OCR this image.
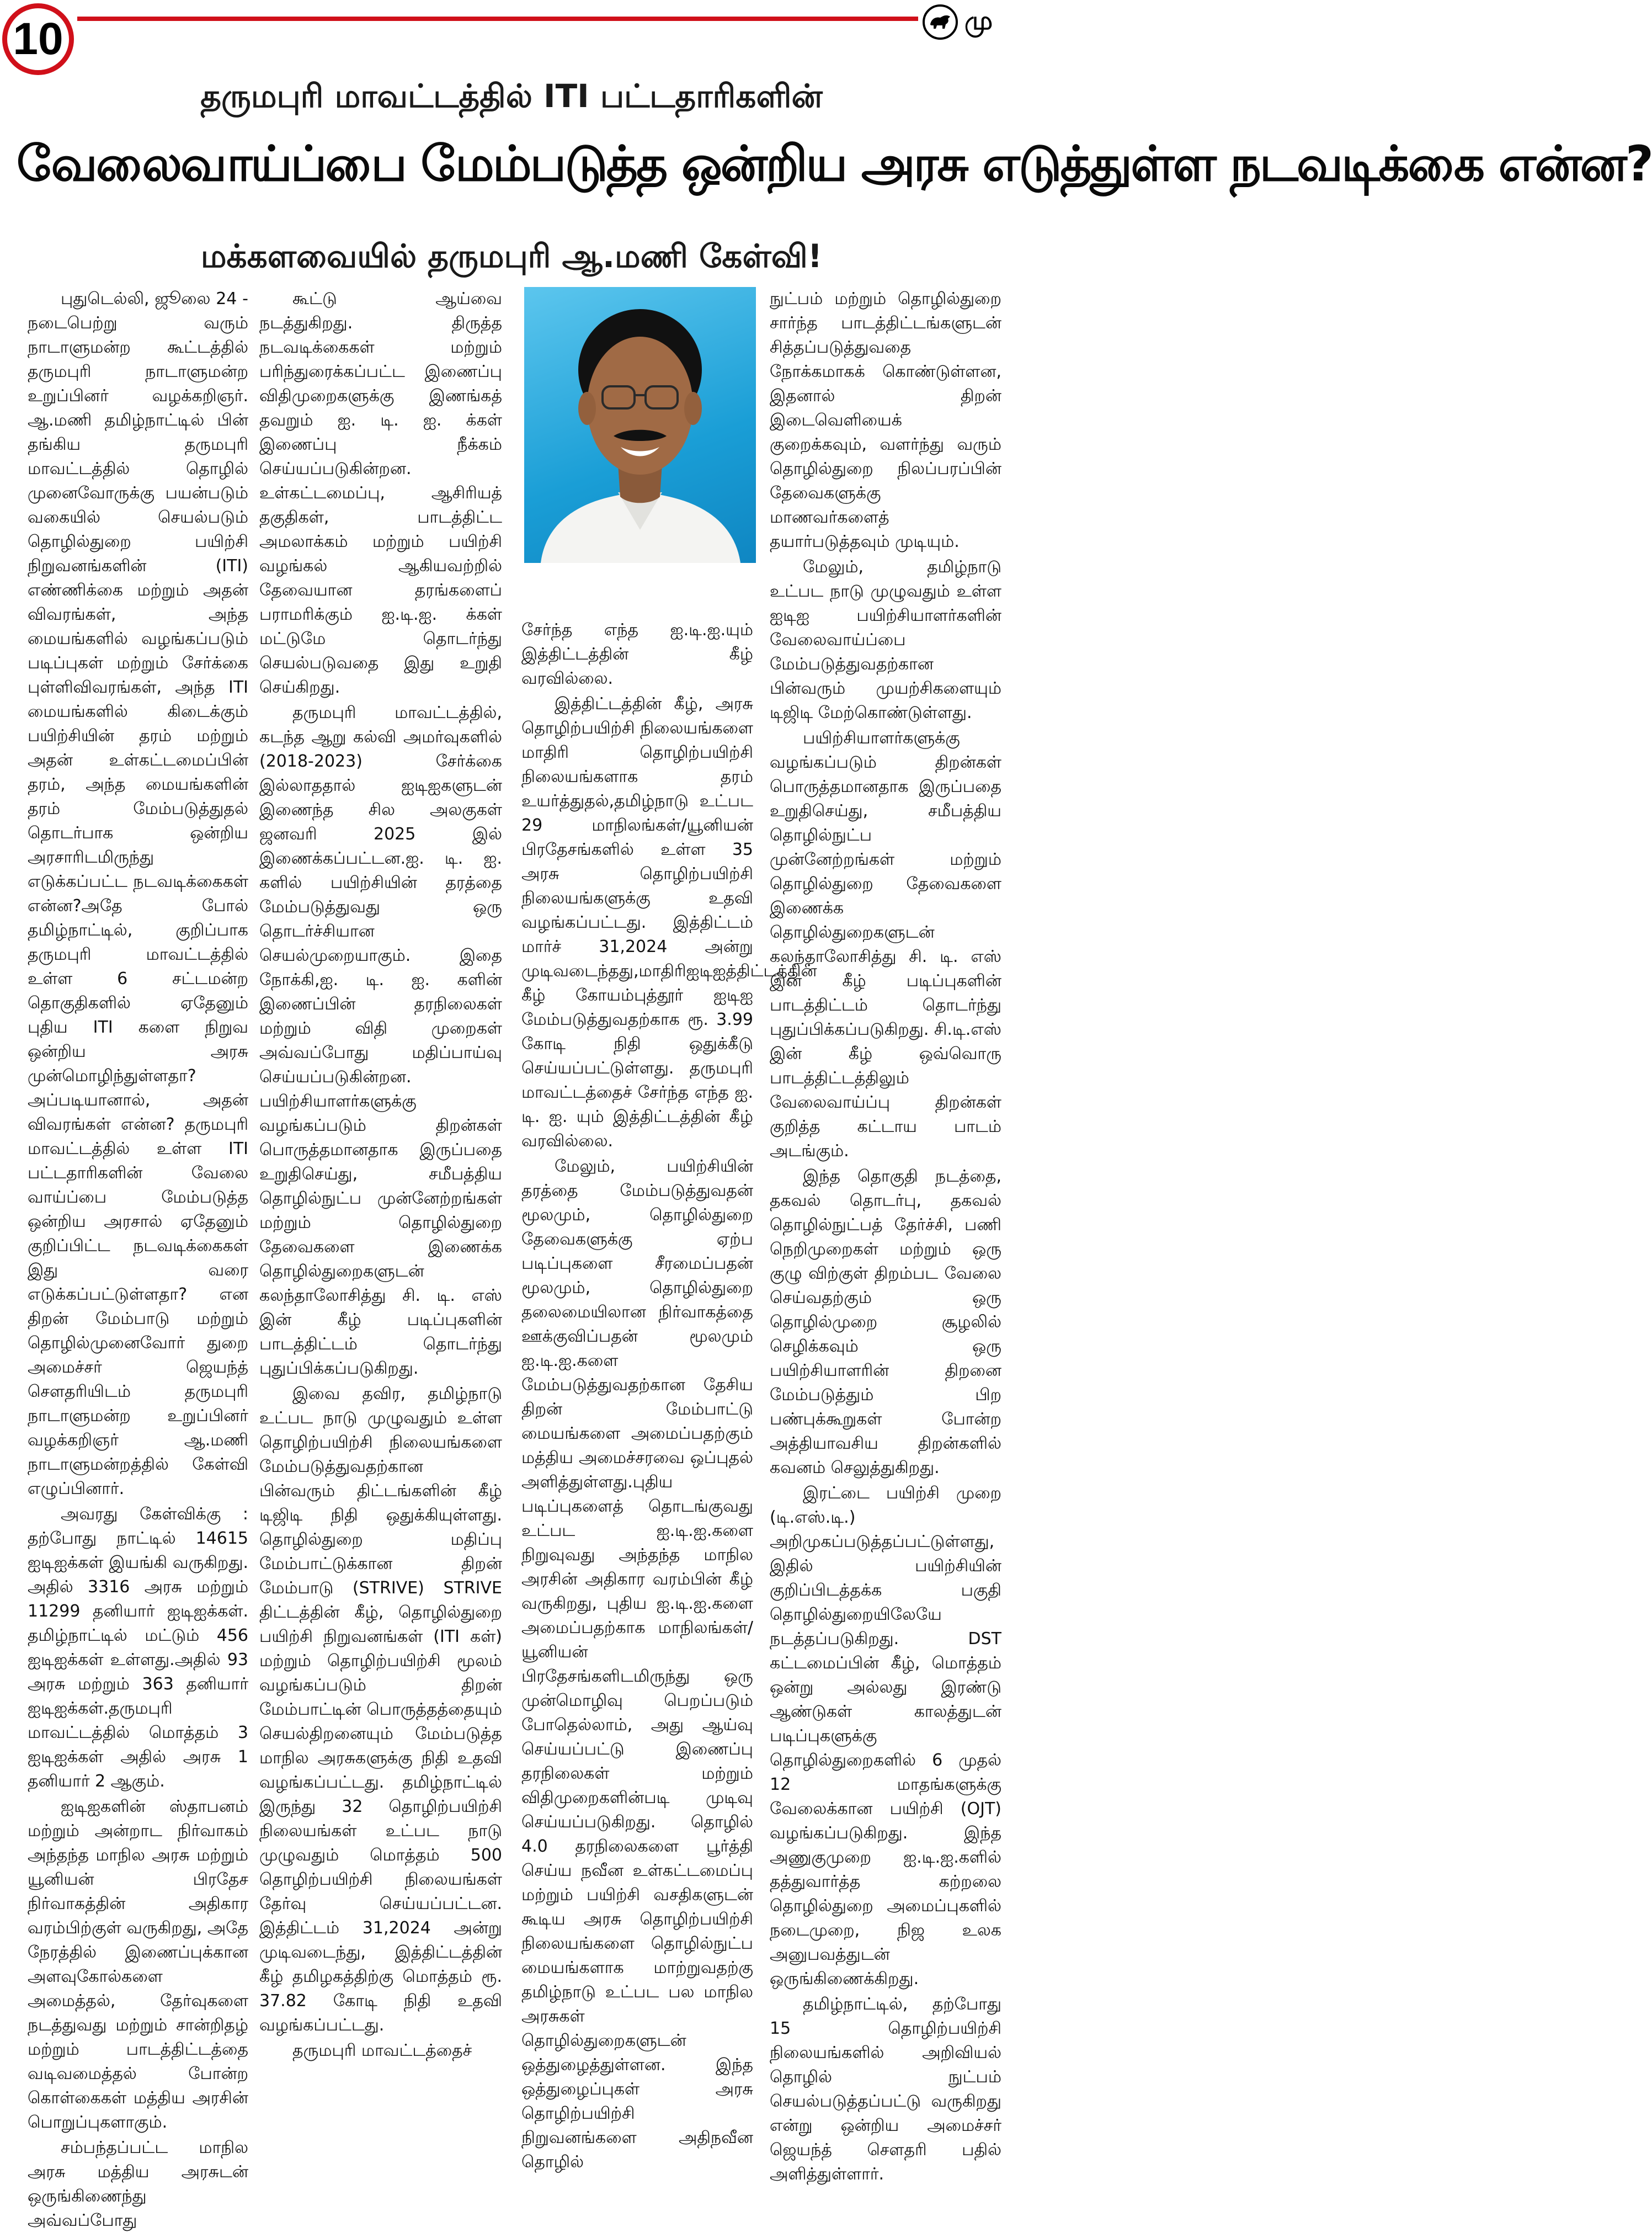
மு
10
தருமபுரி மாவட்டத்தில் ITI பட்டதாரிகளின்
வேலைவாய்ப்பை மேம்படுத்த ஒன்றிய அரசு எடுத்துள்ள நடவடிக்கை என்ன?
மக்களவையில் தருமபுரி ஆ.மணி கேள்வி!

புதுடெல்லி, ஜூலை 24 - நடைபெற்று வரும் நாடாளுமன்ற கூட்டத்தில் தருமபுரி நாடாளுமன்ற உறுப்பினர் வழக்கறிஞர். ஆ.மணி தமிழ்நாட்டில் பின் தங்கிய தருமபுரி மாவட்டத்தில் தொழில் முனைவோருக்கு பயன்படும் வகையில் செயல்படும் தொழில்துறை பயிற்சி நிறுவனங்களின் (ITI) எண்ணிக்கை மற்றும் அதன் விவரங்கள், அந்த மையங்களில் வழங்கப்படும் படிப்புகள் மற்றும் சேர்க்கை புள்ளிவிவரங்கள், அந்த ITI மையங்களில் கிடைக்கும் பயிற்சியின் தரம் மற்றும் அதன் உள்கட்டமைப்பின் தரம், அந்த மையங்களின் தரம் மேம்படுத்துதல் தொடர்பாக ஒன்றிய அரசாரிடமிருந்து எடுக்கப்பட்ட நடவடிக்கைகள் என்ன?அதே போல் தமிழ்நாட்டில், குறிப்பாக தருமபுரி மாவட்டத்தில் உள்ள 6 சட்டமன்ற தொகுதிகளில் ஏதேனும் புதிய ITI களை நிறுவ ஒன்றிய அரசு முன்மொழிந்துள்ளதா? அப்படியானால், அதன் விவரங்கள் என்ன? தருமபுரி மாவட்டத்தில் உள்ள ITI பட்டதாரிகளின் வேலை வாய்ப்பை மேம்படுத்த ஒன்றிய அரசால் ஏதேனும் குறிப்பிட்ட நடவடிக்கைகள் இது வரை எடுக்கப்பட்டுள்ளதா? என திறன் மேம்பாடு மற்றும் தொழில்முனைவோர் துறை அமைச்சர் ஜெயந்த் சௌதரியிடம் தருமபுரி நாடாளுமன்ற உறுப்பினர் வழக்கறிஞர் ஆ.மணி நாடாளுமன்றத்தில் கேள்வி எழுப்பினார்.

அவரது கேள்விக்கு : தற்போது நாட்டில் 14615 ஐடிஐக்கள் இயங்கி வருகிறது. அதில் 3316 அரசு மற்றும் 11299 தனியார் ஐடிஐக்கள். தமிழ்நாட்டில் மட்டும் 456 ஐடிஐக்கள் உள்ளது.அதில் 93 அரசு மற்றும் 363 தனியார் ஐடிஐக்கள்.தருமபுரி மாவட்டத்தில் மொத்தம் 3 ஐடிஐக்கள் அதில் அரசு 1 தனியார் 2 ஆகும்.

ஐடிஐகளின் ஸ்தாபனம் மற்றும் அன்றாட நிர்வாகம் அந்தந்த மாநில அரசு மற்றும் யூனியன் பிரதேச நிர்வாகத்தின் அதிகார வரம்பிற்குள் வருகிறது, அதே நேரத்தில் இணைப்புக்கான அளவுகோல்களை அமைத்தல், தேர்வுகளை நடத்துவது மற்றும் சான்றிதழ் மற்றும் பாடத்திட்டத்தை வடிவமைத்தல் போன்ற கொள்கைகள் மத்திய அரசின் பொறுப்புகளாகும்.

சம்பந்தப்பட்ட மாநில அரசு மத்திய அரசுடன் ஒருங்கிணைந்து அவ்வப்போது

கூட்டு ஆய்வை நடத்துகிறது. திருத்த நடவடிக்கைகள் மற்றும் பரிந்துரைக்கப்பட்ட இணைப்பு விதிமுறைகளுக்கு இணங்கத் தவறும் ஐ. டி. ஐ. க்கள் இணைப்பு நீக்கம் செய்யப்படுகின்றன. உள்கட்டமைப்பு, ஆசிரியத் தகுதிகள், பாடத்திட்ட அமலாக்கம் மற்றும் பயிற்சி வழங்கல் ஆகியவற்றில் தேவையான தரங்களைப் பராமரிக்கும் ஐ.டி.ஐ. க்கள் மட்டுமே தொடர்ந்து செயல்படுவதை இது உறுதி செய்கிறது.

தருமபுரி மாவட்டத்தில், கடந்த ஆறு கல்வி அமர்வுகளில் (2018-2023) சேர்க்கை இல்லாததால் ஐடிஐகளுடன் இணைந்த சில அலகுகள் ஜனவரி 2025 இல் இணைக்கப்பட்டன.ஐ. டி. ஐ. களில் பயிற்சியின் தரத்தை மேம்படுத்துவது ஒரு தொடர்ச்சியான செயல்முறையாகும். இதை நோக்கி,ஐ. டி. ஐ. களின் இணைப்பின் தரநிலைகள் மற்றும் விதி முறைகள் அவ்வப்போது மதிப்பாய்வு செய்யப்படுகின்றன. பயிற்சியாளர்களுக்கு வழங்கப்படும் திறன்கள் பொருத்தமானதாக இருப்பதை உறுதிசெய்து, சமீபத்திய தொழில்நுட்ப முன்னேற்றங்கள் மற்றும் தொழில்துறை தேவைகளை இணைக்க தொழில்துறைகளுடன் கலந்தாலோசித்து சி. டி. எஸ் இன் கீழ் படிப்புகளின் பாடத்திட்டம் தொடர்ந்து புதுப்பிக்கப்படுகிறது.

இவை தவிர, தமிழ்நாடு உட்பட நாடு முழுவதும் உள்ள தொழிற்பயிற்சி நிலையங்களை மேம்படுத்துவதற்கான பின்வரும் திட்டங்களின் கீழ் டிஜிடி நிதி ஒதுக்கியுள்ளது. தொழில்துறை மதிப்பு மேம்பாட்டுக்கான திறன் மேம்பாடு (STRIVE) STRIVE திட்டத்தின் கீழ், தொழில்துறை பயிற்சி நிறுவனங்கள் (ITI கள்) மற்றும் தொழிற்பயிற்சி மூலம் வழங்கப்படும் திறன் மேம்பாட்டின் பொருத்தத்தையும் செயல்திறனையும் மேம்படுத்த மாநில அரசுகளுக்கு நிதி உதவி வழங்கப்பட்டது. தமிழ்நாட்டில் இருந்து 32 தொழிற்பயிற்சி நிலையங்கள் உட்பட நாடு முழுவதும் மொத்தம் 500 தொழிற்பயிற்சி நிலையங்கள் தேர்வு செய்யப்பட்டன. இத்திட்டம் 31,2024 அன்று முடிவடைந்து, இத்திட்டத்தின் கீழ் தமிழகத்திற்கு மொத்தம் ரூ. 37.82 கோடி நிதி உதவி வழங்கப்பட்டது.

தருமபுரி மாவட்டத்தைச்

சேர்ந்த எந்த ஐ.டி.ஐ.யும் இத்திட்டத்தின் கீழ் வரவில்லை.

இத்திட்டத்தின் கீழ், அரசு தொழிற்பயிற்சி நிலையங்களை மாதிரி தொழிற்பயிற்சி நிலையங்களாக தரம் உயர்த்துதல்,தமிழ்நாடு உட்பட 29 மாநிலங்கள்/யூனியன் பிரதேசங்களில் உள்ள 35 அரசு தொழிற்பயிற்சி நிலையங்களுக்கு உதவி வழங்கப்பட்டது. இத்திட்டம் மார்ச் 31,2024 அன்று முடிவடைந்தது,மாதிரிஐடிஐத்திட்டத்தின் கீழ் கோயம்புத்தூர் ஐடிஐ மேம்படுத்துவதற்காக ரூ. 3.99 கோடி நிதி ஒதுக்கீடு செய்யப்பட்டுள்ளது. தருமபுரி மாவட்டத்தைச் சேர்ந்த எந்த ஐ. டி. ஐ. யும் இத்திட்டத்தின் கீழ் வரவில்லை.

மேலும், பயிற்சியின் தரத்தை மேம்படுத்துவதன் மூலமும், தொழில்துறை தேவைகளுக்கு ஏற்ப படிப்புகளை சீரமைப்பதன் மூலமும், தொழில்துறை தலைமையிலான நிர்வாகத்தை ஊக்குவிப்பதன் மூலமும் ஐ.டி.ஐ.களை மேம்படுத்துவதற்கான தேசிய திறன் மேம்பாட்டு மையங்களை அமைப்பதற்கும் மத்திய அமைச்சரவை ஒப்புதல் அளித்துள்ளது.புதிய படிப்புகளைத் தொடங்குவது உட்பட ஐ.டி.ஐ.களை நிறுவுவது அந்தந்த மாநில அரசின் அதிகார வரம்பின் கீழ் வருகிறது, புதிய ஐ.டி.ஐ.களை அமைப்பதற்காக மாநிலங்கள்/யூனியன் பிரதேசங்களிடமிருந்து ஒரு முன்மொழிவு பெறப்படும் போதெல்லாம், அது ஆய்வு செய்யப்பட்டு இணைப்பு தரநிலைகள் மற்றும் விதிமுறைகளின்படி முடிவு செய்யப்படுகிறது. தொழில் 4.0 தரநிலைகளை பூர்த்தி செய்ய நவீன உள்கட்டமைப்பு மற்றும் பயிற்சி வசதிகளுடன் கூடிய அரசு தொழிற்பயிற்சி நிலையங்களை தொழில்நுட்ப மையங்களாக மாற்றுவதற்கு தமிழ்நாடு உட்பட பல மாநில அரசுகள் தொழில்துறைகளுடன் ஒத்துழைத்துள்ளன. இந்த ஒத்துழைப்புகள் அரசு தொழிற்பயிற்சி நிறுவனங்களை அதிநவீன தொழில்

நுட்பம் மற்றும் தொழில்துறை சார்ந்த பாடத்திட்டங்களுடன் சித்தப்படுத்துவதை நோக்கமாகக் கொண்டுள்ளன, இதனால் திறன் இடைவெளியைக் குறைக்கவும், வளர்ந்து வரும் தொழில்துறை நிலப்பரப்பின் தேவைகளுக்கு மாணவர்களைத் தயார்படுத்தவும் முடியும்.

மேலும், தமிழ்நாடு உட்பட நாடு முழுவதும் உள்ள ஐடிஐ பயிற்சியாளர்களின் வேலைவாய்ப்பை மேம்படுத்துவதற்கான பின்வரும் முயற்சிகளையும் டிஜிடி மேற்கொண்டுள்ளது.

பயிற்சியாளர்களுக்கு வழங்கப்படும் திறன்கள் பொருத்தமானதாக இருப்பதை உறுதிசெய்து, சமீபத்திய தொழில்நுட்ப முன்னேற்றங்கள் மற்றும் தொழில்துறை தேவைகளை இணைக்க தொழில்துறைகளுடன் கலந்தாலோசித்து சி. டி. எஸ் இன் கீழ் படிப்புகளின் பாடத்திட்டம் தொடர்ந்து புதுப்பிக்கப்படுகிறது. சி.டி.எஸ் இன் கீழ் ஒவ்வொரு பாடத்திட்டத்திலும் வேலைவாய்ப்பு திறன்கள் குறித்த கட்டாய பாடம் அடங்கும்.

இந்த தொகுதி நடத்தை, தகவல் தொடர்பு, தகவல் தொழில்நுட்பத் தேர்ச்சி, பணி நெறிமுறைகள் மற்றும் ஒரு குழு விற்குள் திறம்பட வேலை செய்வதற்கும் ஒரு தொழில்முறை சூழலில் செழிக்கவும் ஒரு பயிற்சியாளரின் திறனை மேம்படுத்தும் பிற பண்புக்கூறுகள் போன்ற அத்தியாவசிய திறன்களில் கவனம் செலுத்துகிறது.

இரட்டை பயிற்சி முறை (டி.எஸ்.டி.) அறிமுகப்படுத்தப்பட்டுள்ளது, இதில் பயிற்சியின் குறிப்பிடத்தக்க பகுதி தொழில்துறையிலேயே நடத்தப்படுகிறது. DST கட்டமைப்பின் கீழ், மொத்தம் ஒன்று அல்லது இரண்டு ஆண்டுகள் காலத்துடன் படிப்புகளுக்கு தொழில்துறைகளில் 6 முதல் 12 மாதங்களுக்கு வேலைக்கான பயிற்சி (OJT) வழங்கப்படுகிறது. இந்த அணுகுமுறை ஐ.டி.ஐ.களில் தத்துவார்த்த கற்றலை தொழில்துறை அமைப்புகளில் நடைமுறை, நிஜ உலக அனுபவத்துடன் ஒருங்கிணைக்கிறது.

தமிழ்நாட்டில், தற்போது 15 தொழிற்பயிற்சி நிலையங்களில் அறிவியல் தொழில் நுட்பம் செயல்படுத்தப்பட்டு வருகிறது என்று ஒன்றிய அமைச்சர் ஜெயந்த் சௌதரி பதில் அளித்துள்ளார்.
